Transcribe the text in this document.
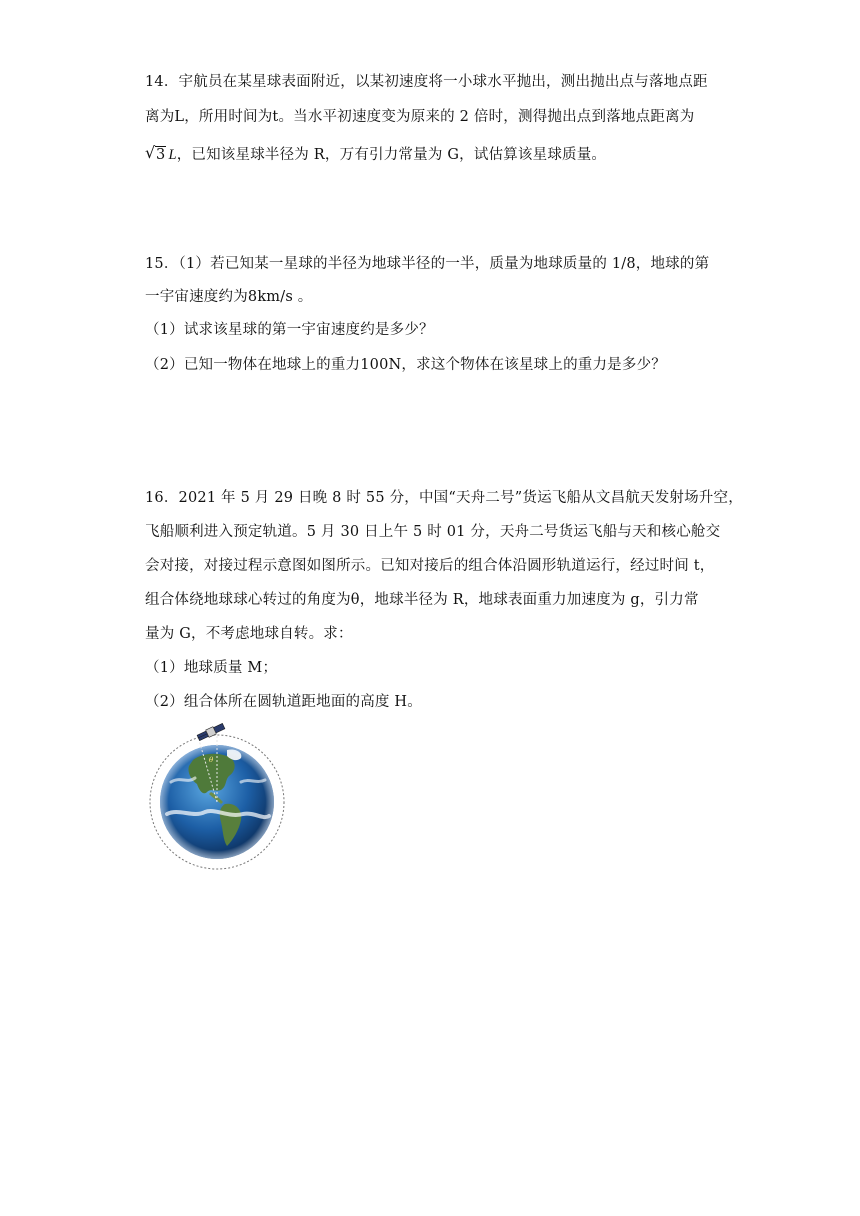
14．宇航员在某星球表面附近，以某初速度将一小球水平抛出，测出抛出点与落地点距
离为L，所用时间为t。当水平初速度变为原来的 2 倍时，测得抛出点到落地点距离为
√ 3 L，已知该星球半径为 R，万有引力常量为 G，试估算该星球质量。
15．（1）若已知某一星球的半径为地球半径的一半，质量为地球质量的 1/8，地球的第
一宇宙速度约为8km/s 。
（1）试求该星球的第一宇宙速度约是多少？
（2）已知一物体在地球上的重力100N，求这个物体在该星球上的重力是多少？
16．2021 年 5 月 29 日晚 8 时 55 分，中国“天舟二号”货运飞船从文昌航天发射场升空，
飞船顺利进入预定轨道。5 月 30 日上午 5 时 01 分，天舟二号货运飞船与天和核心舱交
会对接，对接过程示意图如图所示。已知对接后的组合体沿圆形轨道运行，经过时间 t，
组合体绕地球球心转过的角度为θ，地球半径为 R，地球表面重力加速度为 g，引力常
量为 G，不考虑地球自转。求：
（1）地球质量 M；
（2）组合体所在圆轨道距地面的高度 H。
θ
